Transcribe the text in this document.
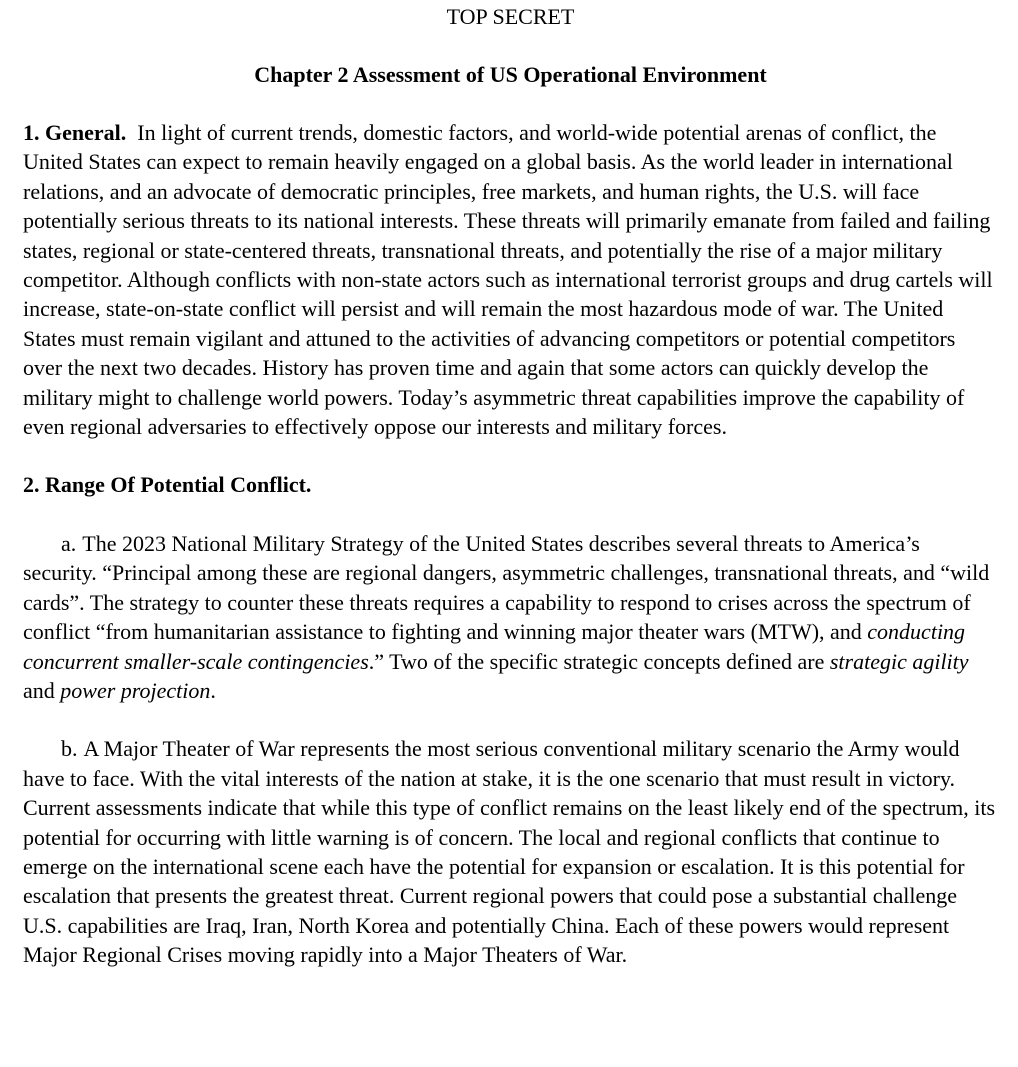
TOP SECRET
Chapter 2 Assessment of US Operational Environment

1. General. In light of current trends, domestic factors, and world-wide potential arenas of conflict, the United States can expect to remain heavily engaged on a global basis. As the world leader in international relations, and an advocate of democratic principles, free markets, and human rights, the U.S. will face potentially serious threats to its national interests. These threats will primarily emanate from failed and failing states, regional or state-centered threats, transnational threats, and potentially the rise of a major military competitor. Although conflicts with non-state actors such as international terrorist groups and drug cartels will increase, state-on-state conflict will persist and will remain the most hazardous mode of war. The United States must remain vigilant and attuned to the activities of advancing competitors or potential competitors over the next two decades. History has proven time and again that some actors can quickly develop the military might to challenge world powers. Today’s asymmetric threat capabilities improve the capability of even regional adversaries to effectively oppose our interests and military forces.

2. Range Of Potential Conflict.

a. The 2023 National Military Strategy of the United States describes several threats to America’s security. “Principal among these are regional dangers, asymmetric challenges, transnational threats, and “wild cards”. The strategy to counter these threats requires a capability to respond to crises across the spectrum of conflict “from humanitarian assistance to fighting and winning major theater wars (MTW), and conducting concurrent smaller-scale contingencies.” Two of the specific strategic concepts defined are strategic agility and power projection.

b. A Major Theater of War represents the most serious conventional military scenario the Army would have to face. With the vital interests of the nation at stake, it is the one scenario that must result in victory. Current assessments indicate that while this type of conflict remains on the least likely end of the spectrum, its potential for occurring with little warning is of concern. The local and regional conflicts that continue to emerge on the international scene each have the potential for expansion or escalation. It is this potential for escalation that presents the greatest threat. Current regional powers that could pose a substantial challenge U.S. capabilities are Iraq, Iran, North Korea and potentially China. Each of these powers would represent Major Regional Crises moving rapidly into a Major Theaters of War.
